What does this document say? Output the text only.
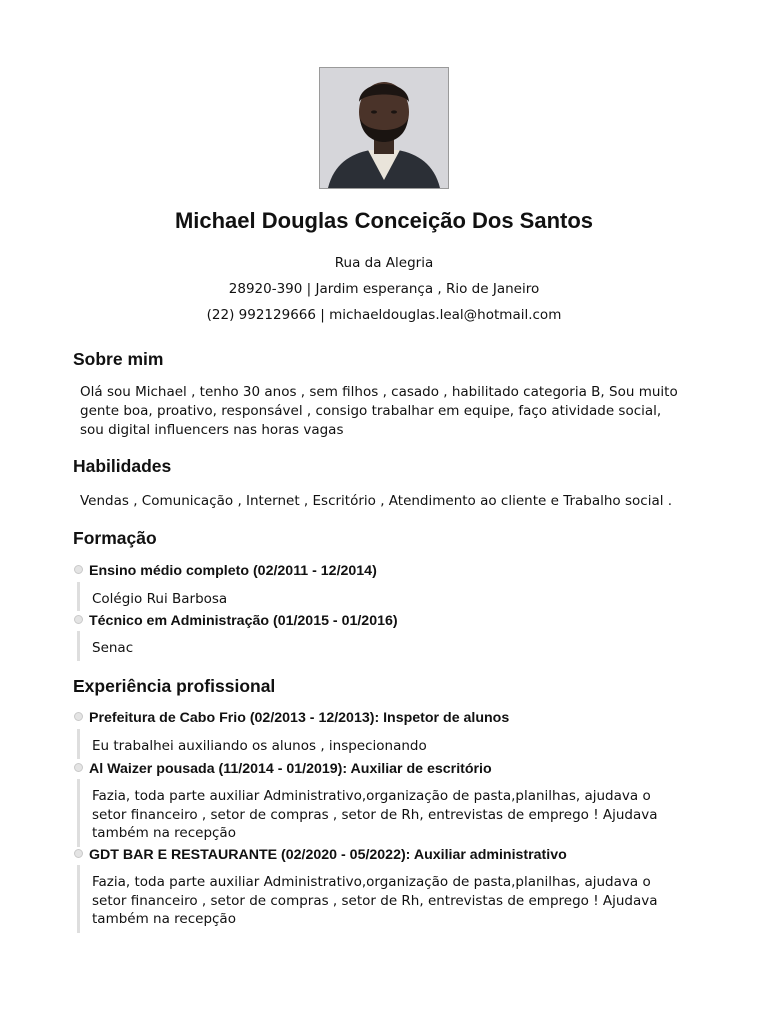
Michael Douglas Conceição Dos Santos
Rua da Alegria
28920-390 | Jardim esperança , Rio de Janeiro
(22) 992129666 | michaeldouglas.leal@hotmail.com
Sobre mim

Olá sou Michael , tenho 30 anos , sem filhos , casado , habilitado categoria B, Sou muito gente boa, proativo, responsável , consigo trabalhar em equipe, faço atividade social, sou digital influencers nas horas vagas

Habilidades

Vendas , Comunicação , Internet , Escritório , Atendimento ao cliente e Trabalho social .

Formação
Ensino médio completo (02/2011 - 12/2014)
Colégio Rui Barbosa
Técnico em Administração (01/2015 - 01/2016)
Senac
Experiência profissional
Prefeitura de Cabo Frio (02/2013 - 12/2013): Inspetor de alunos
Eu trabalhei auxiliando os alunos , inspecionando
Al Waizer pousada (11/2014 - 01/2019): Auxiliar de escritório
Fazia, toda parte auxiliar Administrativo,organização de pasta,planilhas, ajudava o setor financeiro , setor de compras , setor de Rh, entrevistas de emprego ! Ajudava também na recepção
GDT BAR E RESTAURANTE (02/2020 - 05/2022): Auxiliar administrativo
Fazia, toda parte auxiliar Administrativo,organização de pasta,planilhas, ajudava o setor financeiro , setor de compras , setor de Rh, entrevistas de emprego ! Ajudava também na recepção
